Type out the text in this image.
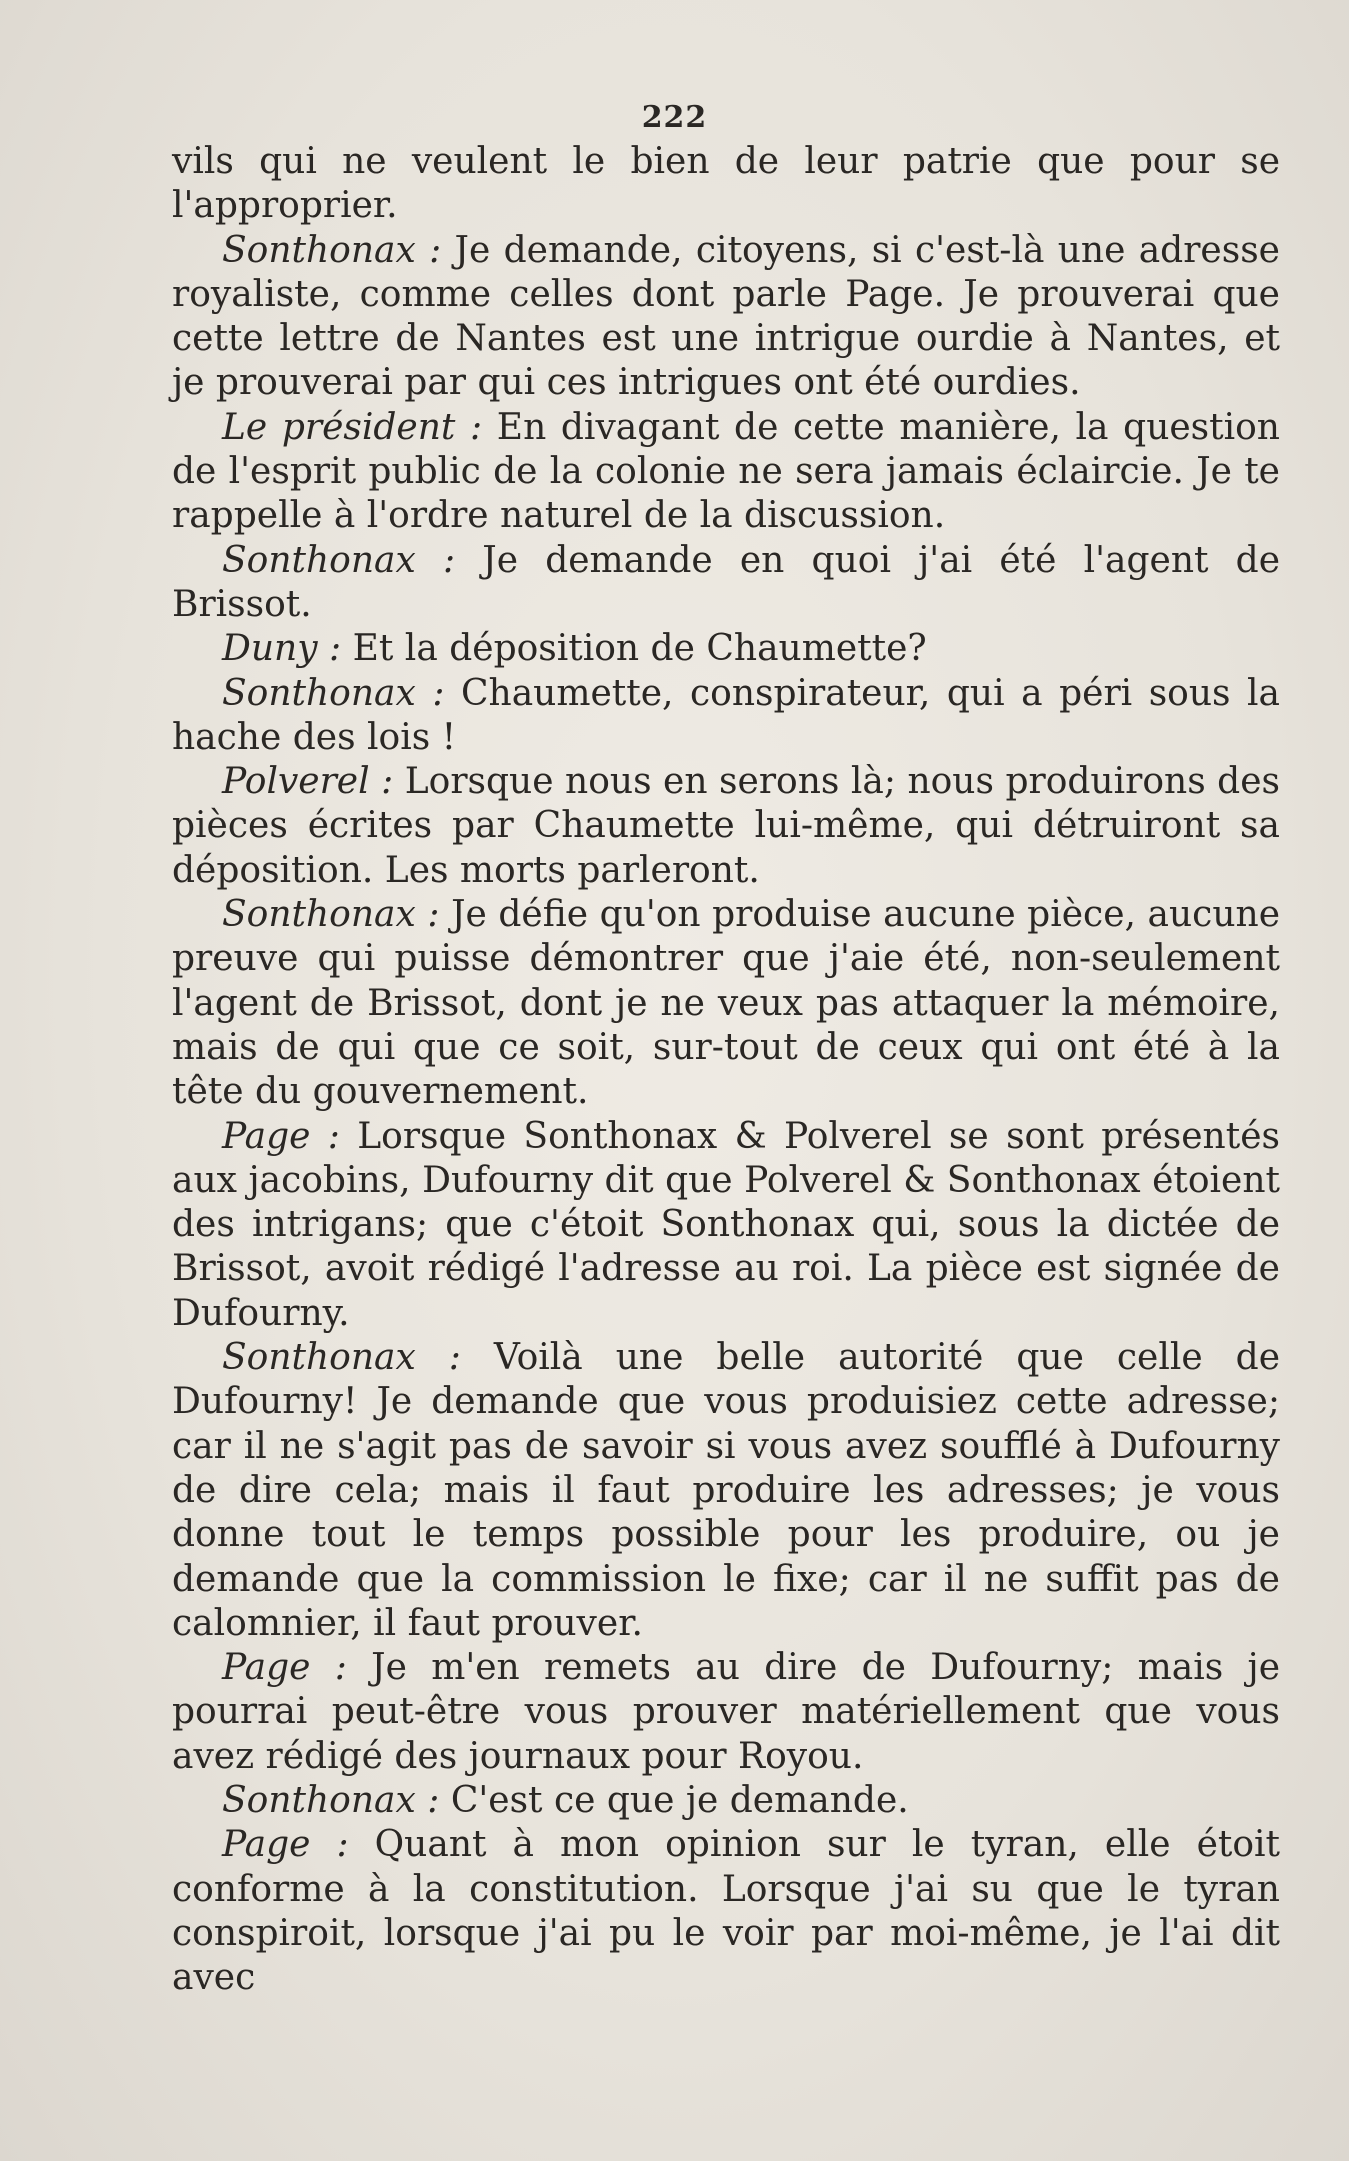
222

vils qui ne veulent le bien de leur patrie que pour se l'approprier.

Sonthonax : Je demande, citoyens, si c'est-là une adresse royaliste, comme celles dont parle Page. Je prouverai que cette lettre de Nantes est une intrigue ourdie à Nantes, et je prouverai par qui ces intrigues ont été ourdies.

Le président : En divagant de cette manière, la question de l'esprit public de la colonie ne sera jamais éclaircie. Je te rappelle à l'ordre naturel de la discussion.

Sonthonax : Je demande en quoi j'ai été l'agent de Brissot.

Duny : Et la déposition de Chaumette?

Sonthonax : Chaumette, conspirateur, qui a péri sous la hache des lois !

Polverel : Lorsque nous en serons là; nous produirons des pièces écrites par Chaumette lui-même, qui détruiront sa déposition. Les morts parleront.

Sonthonax : Je défie qu'on produise aucune pièce, aucune preuve qui puisse démontrer que j'aie été, non-seulement l'agent de Brissot, dont je ne veux pas attaquer la mémoire, mais de qui que ce soit, sur-tout de ceux qui ont été à la tête du gouvernement.

Page : Lorsque Sonthonax & Polverel se sont présentés aux jacobins, Dufourny dit que Polverel & Sonthonax étoient des intrigans; que c'étoit Sonthonax qui, sous la dictée de Brissot, avoit rédigé l'adresse au roi. La pièce est signée de Dufourny.

Sonthonax : Voilà une belle autorité que celle de Dufourny! Je demande que vous produisiez cette adresse; car il ne s'agit pas de savoir si vous avez soufflé à Dufourny de dire cela; mais il faut produire les adresses; je vous donne tout le temps possible pour les produire, ou je demande que la commission le fixe; car il ne suffit pas de calomnier, il faut prouver.

Page : Je m'en remets au dire de Dufourny; mais je pourrai peut-être vous prouver matériellement que vous avez rédigé des journaux pour Royou.

Sonthonax : C'est ce que je demande.

Page : Quant à mon opinion sur le tyran, elle étoit conforme à la constitution. Lorsque j'ai su que le tyran conspiroit, lorsque j'ai pu le voir par moi-même, je l'ai dit avec
